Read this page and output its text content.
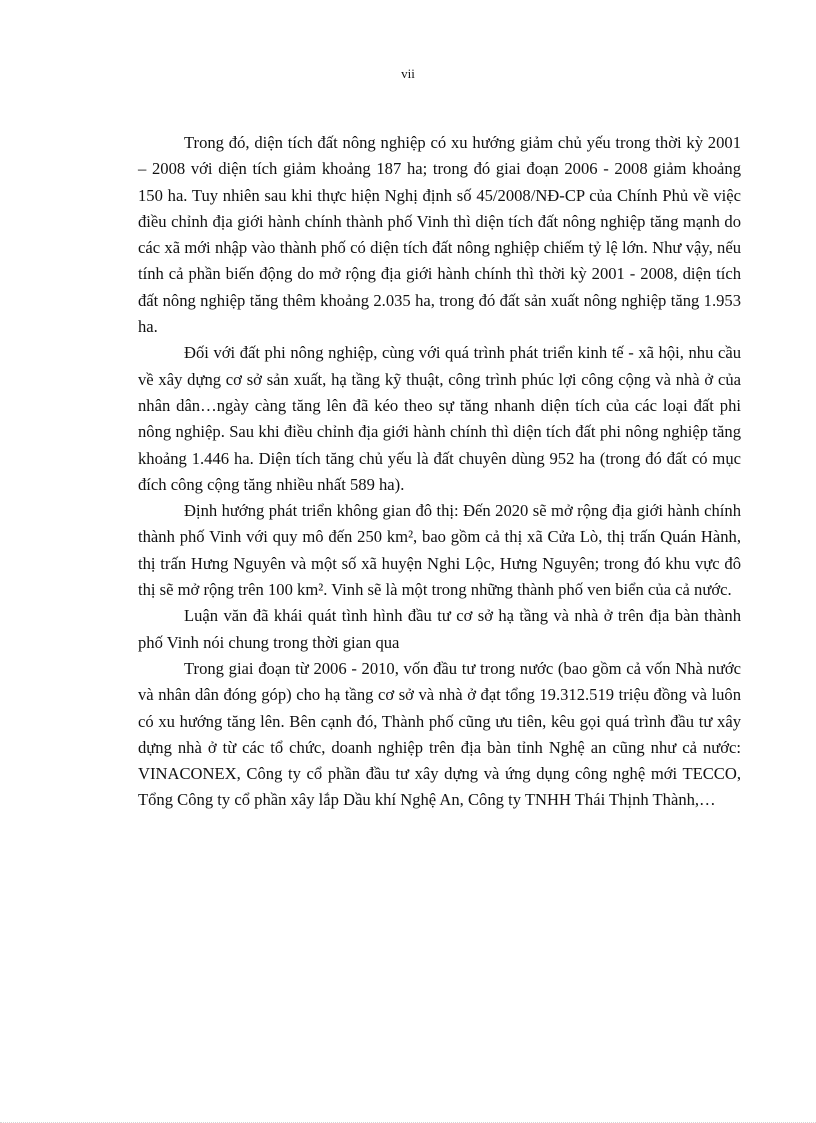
vii

Trong đó, diện tích đất nông nghiệp có xu hướng giảm chủ yếu trong thời kỳ 2001 – 2008 với diện tích giảm khoảng 187 ha; trong đó giai đoạn 2006 - 2008 giảm khoảng 150 ha. Tuy nhiên sau khi thực hiện Nghị định số 45/2008/NĐ-CP của Chính Phủ về việc điều chỉnh địa giới hành chính thành phố Vinh thì diện tích đất nông nghiệp tăng mạnh do các xã mới nhập vào thành phố có diện tích đất nông nghiệp chiếm tỷ lệ lớn. Như vậy, nếu tính cả phần biến động do mở rộng địa giới hành chính thì thời kỳ 2001 - 2008, diện tích đất nông nghiệp tăng thêm khoảng 2.035 ha, trong đó đất sản xuất nông nghiệp tăng 1.953 ha.

Đối với đất phi nông nghiệp, cùng với quá trình phát triển kinh tế - xã hội, nhu cầu về xây dựng cơ sở sản xuất, hạ tầng kỹ thuật, công trình phúc lợi công cộng và nhà ở của nhân dân…ngày càng tăng lên đã kéo theo sự tăng nhanh diện tích của các loại đất phi nông nghiệp. Sau khi điều chỉnh địa giới hành chính thì diện tích đất phi nông nghiệp tăng khoảng 1.446 ha. Diện tích tăng chủ yếu là đất chuyên dùng 952 ha (trong đó đất có mục đích công cộng tăng nhiều nhất 589 ha).

Định hướng phát triển không gian đô thị: Đến 2020 sẽ mở rộng địa giới hành chính thành phố Vinh với quy mô đến 250 km², bao gồm cả thị xã Cửa Lò, thị trấn Quán Hành, thị trấn Hưng Nguyên và một số xã huyện Nghi Lộc, Hưng Nguyên; trong đó khu vực đô thị sẽ mở rộng trên 100 km². Vinh sẽ là một trong những thành phố ven biển của cả nước.

Luận văn đã khái quát tình hình đầu tư cơ sở hạ tầng và nhà ở trên địa bàn thành phố Vinh nói chung trong thời gian qua

Trong giai đoạn từ 2006 - 2010, vốn đầu tư trong nước (bao gồm cả vốn Nhà nước và nhân dân đóng góp) cho hạ tầng cơ sở và nhà ở đạt tổng 19.312.519 triệu đồng và luôn có xu hướng tăng lên. Bên cạnh đó, Thành phố cũng ưu tiên, kêu gọi quá trình đầu tư xây dựng nhà ở từ các tổ chức, doanh nghiệp trên địa bàn tỉnh Nghệ an cũng như cả nước: VINACONEX, Công ty cổ phần đầu tư xây dựng và ứng dụng công nghệ mới TECCO, Tổng Công ty cổ phần xây lắp Dầu khí Nghệ An, Công ty TNHH Thái Thịnh Thành,…
